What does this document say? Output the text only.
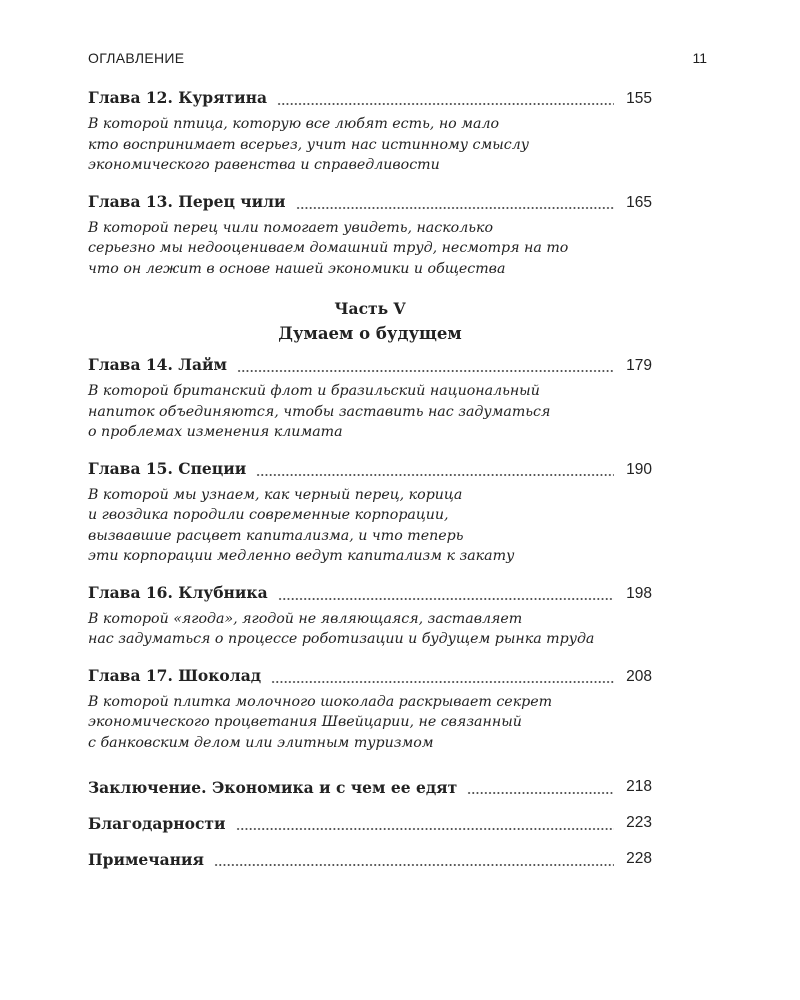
ОГЛАВЛЕНИЕ	11
Глава 12. Курятина	155

В которой птица, которую все любят есть, но мало
кто воспринимает всерьез, учит нас истинному смыслу
экономического равенства и справедливости

Глава 13. Перец чили	165

В которой перец чили помогает увидеть, насколько
серьезно мы недооцениваем домашний труд, несмотря на то
что он лежит в основе нашей экономики и общества

Часть V
Думаем о будущем
Глава 14. Лайм	179

В которой британский флот и бразильский национальный
напиток объединяются, чтобы заставить нас задуматься
о проблемах изменения климата

Глава 15. Специи	190

В которой мы узнаем, как черный перец, корица
и гвоздика породили современные корпорации,
вызвавшие расцвет капитализма, и что теперь
эти корпорации медленно ведут капитализм к закату

Глава 16. Клубника	198

В которой «ягода», ягодой не являющаяся, заставляет
нас задуматься о процессе роботизации и будущем рынка труда

Глава 17. Шоколад	208

В которой плитка молочного шоколада раскрывает секрет
экономического процветания Швейцарии, не связанный
с банковским делом или элитным туризмом

Заключение. Экономика и с чем ее едят	218
Благодарности	223
Примечания	228
